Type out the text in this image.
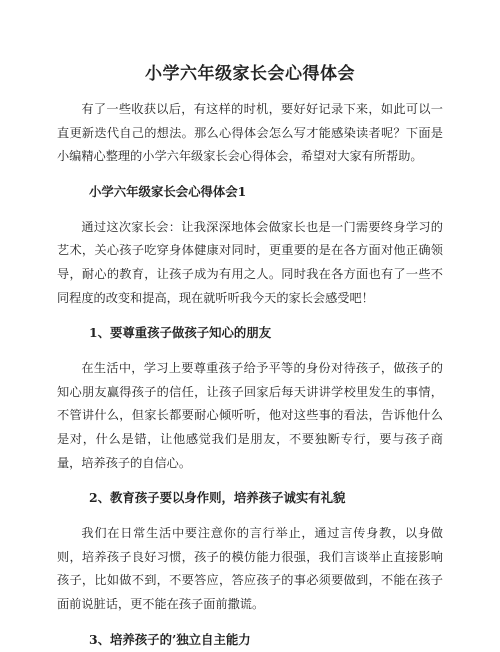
小学六年级家长会心得体会

有了一些收获以后，有这样的时机，要好好记录下来，如此可以一直更新迭代自己的想法。那么心得体会怎么写才能感染读者呢？下面是小编精心整理的小学六年级家长会心得体会，希望对大家有所帮助。

小学六年级家长会心得体会1

通过这次家长会：让我深深地体会做家长也是一门需要终身学习的艺术，关心孩子吃穿身体健康对同时，更重要的是在各方面对他正确领导，耐心的教育，让孩子成为有用之人。同时我在各方面也有了一些不同程度的改变和提高，现在就听听我今天的家长会感受吧！

1、要尊重孩子做孩子知心的朋友

在生活中，学习上要尊重孩子给予平等的身份对待孩子，做孩子的知心朋友赢得孩子的信任，让孩子回家后每天讲讲学校里发生的事情，不管讲什么，但家长都要耐心倾听听，他对这些事的看法，告诉他什么是对，什么是错，让他感觉我们是朋友，不要独断专行，要与孩子商量，培养孩子的自信心。

2、教育孩子要以身作则，培养孩子诚实有礼貌

我们在日常生活中要注意你的言行举止，通过言传身教，以身做则，培养孩子良好习惯，孩子的模仿能力很强，我们言谈举止直接影响孩子，比如做不到，不要答应，答应孩子的事必须要做到，不能在孩子面前说脏话，更不能在孩子面前撒谎。

3、培养孩子的’独立自主能力
